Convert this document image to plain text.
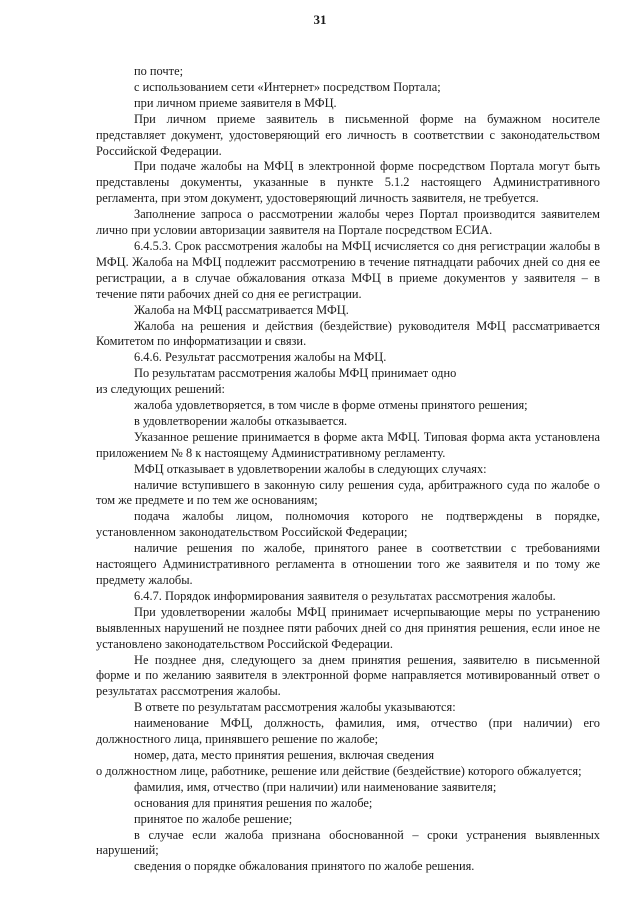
31

по почте;

с использованием сети «Интернет» посредством Портала;

при личном приеме заявителя в МФЦ.

При личном приеме заявитель в письменной форме на бумажном носителе представляет документ, удостоверяющий его личность в соответствии с законодательством Российской Федерации.

При подаче жалобы на МФЦ в электронной форме посредством Портала могут быть представлены документы, указанные в пункте 5.1.2 настоящего Административного регламента, при этом документ, удостоверяющий личность заявителя, не требуется.

Заполнение запроса о рассмотрении жалобы через Портал производится заявителем лично при условии авторизации заявителя на Портале посредством ЕСИА.

6.4.5.3. Срок рассмотрения жалобы на МФЦ исчисляется со дня регистрации жалобы в МФЦ. Жалоба на МФЦ подлежит рассмотрению в течение пятнадцати рабочих дней со дня ее регистрации, а в случае обжалования отказа МФЦ в приеме документов у заявителя – в течение пяти рабочих дней со дня ее регистрации.

Жалоба на МФЦ рассматривается МФЦ.

Жалоба на решения и действия (бездействие) руководителя МФЦ рассматривается Комитетом по информатизации и связи.

6.4.6. Результат рассмотрения жалобы на МФЦ.

По результатам рассмотрения жалобы МФЦ принимает одно

из следующих решений:

жалоба удовлетворяется, в том числе в форме отмены принятого решения;

в удовлетворении жалобы отказывается.

Указанное решение принимается в форме акта МФЦ. Типовая форма акта установлена приложением № 8 к настоящему Административному регламенту.

МФЦ отказывает в удовлетворении жалобы в следующих случаях:

наличие вступившего в законную силу решения суда, арбитражного суда по жалобе о том же предмете и по тем же основаниям;

подача жалобы лицом, полномочия которого не подтверждены в порядке, установленном законодательством Российской Федерации;

наличие решения по жалобе, принятого ранее в соответствии с требованиями настоящего Административного регламента в отношении того же заявителя и по тому же предмету жалобы.

6.4.7. Порядок информирования заявителя о результатах рассмотрения жалобы.

При удовлетворении жалобы МФЦ принимает исчерпывающие меры по устранению выявленных нарушений не позднее пяти рабочих дней со дня принятия решения, если иное не установлено законодательством Российской Федерации.

Не позднее дня, следующего за днем принятия решения, заявителю в письменной форме и по желанию заявителя в электронной форме направляется мотивированный ответ о результатах рассмотрения жалобы.

В ответе по результатам рассмотрения жалобы указываются:

наименование МФЦ, должность, фамилия, имя, отчество (при наличии) его должностного лица, принявшего решение по жалобе;

номер, дата, место принятия решения, включая сведения

о должностном лице, работнике, решение или действие (бездействие) которого обжалуется;

фамилия, имя, отчество (при наличии) или наименование заявителя;

основания для принятия решения по жалобе;

принятое по жалобе решение;

в случае если жалоба признана обоснованной – сроки устранения выявленных нарушений;

сведения о порядке обжалования принятого по жалобе решения.
